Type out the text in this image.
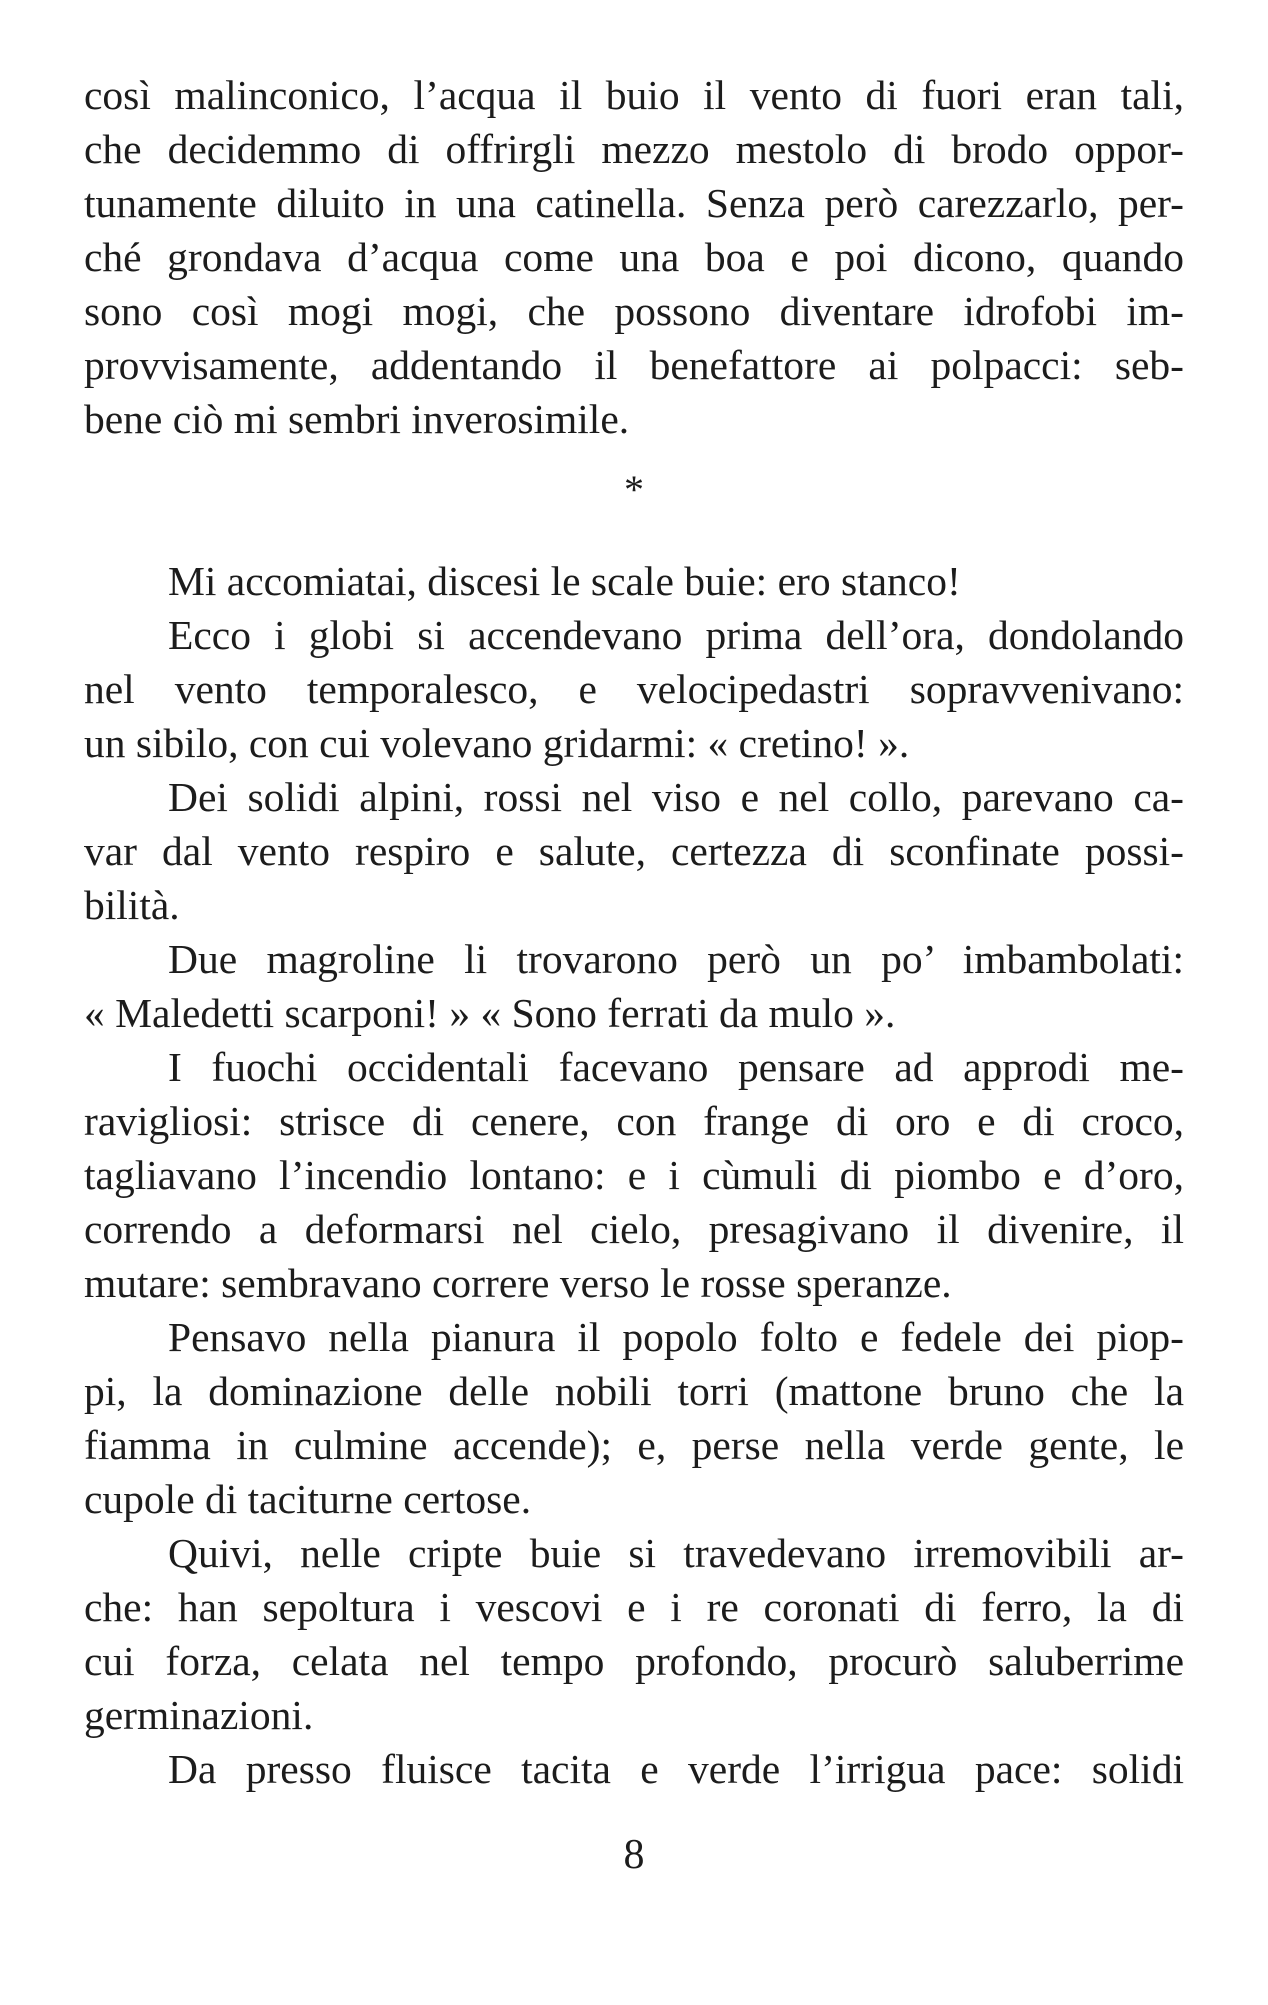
così malinconico, l’acqua il buio il vento di fuori eran tali,
che decidemmo di offrirgli mezzo mestolo di brodo oppor-
tunamente diluito in una catinella. Senza però carezzarlo, per-
ché grondava d’acqua come una boa e poi dicono, quando
sono così mogi mogi, che possono diventare idrofobi im-
provvisamente, addentando il benefattore ai polpacci: seb-
bene ciò mi sembri inverosimile.
*
Mi accomiatai, discesi le scale buie: ero stanco!
Ecco i globi si accendevano prima dell’ora, dondolando
nel vento temporalesco, e velocipedastri sopravvenivano:
un sibilo, con cui volevano gridarmi: « cretino! ».
Dei solidi alpini, rossi nel viso e nel collo, parevano ca-
var dal vento respiro e salute, certezza di sconfinate possi-
bilità.
Due magroline li trovarono però un po’ imbambolati:
« Maledetti scarponi! » « Sono ferrati da mulo ».
I fuochi occidentali facevano pensare ad approdi me-
ravigliosi: strisce di cenere, con frange di oro e di croco,
tagliavano l’incendio lontano: e i cùmuli di piombo e d’oro,
correndo a deformarsi nel cielo, presagivano il divenire, il
mutare: sembravano correre verso le rosse speranze.
Pensavo nella pianura il popolo folto e fedele dei piop-
pi, la dominazione delle nobili torri (mattone bruno che la
fiamma in culmine accende); e, perse nella verde gente, le
cupole di taciturne certose.
Quivi, nelle cripte buie si travedevano irremovibili ar-
che: han sepoltura i vescovi e i re coronati di ferro, la di
cui forza, celata nel tempo profondo, procurò saluberrime
germinazioni.
Da presso fluisce tacita e verde l’irrigua pace: solidi
8
